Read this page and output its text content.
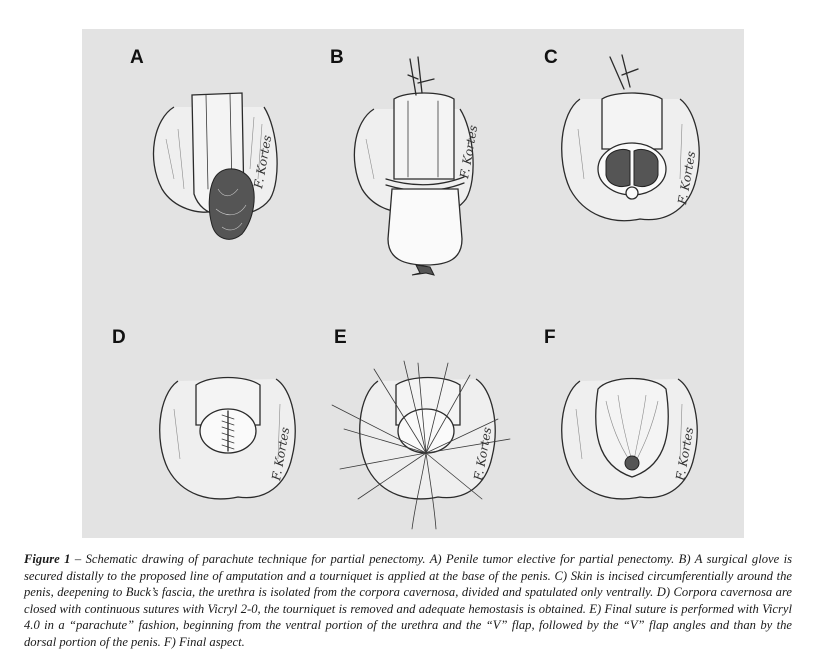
A
F. Kortes
B
F. Kortes
C
F. Kortes
D
F. Kortes
E
F. Kortes
F
F. Kortes

Figure 1 – Schematic drawing of parachute technique for partial penectomy. A) Penile tumor elective for partial penectomy. B) A surgical glove is secured distally to the proposed line of amputation and a tourniquet is applied at the base of the penis. C) Skin is incised circumferentially around the penis, deepening to Buck’s fascia, the urethra is isolated from the corpora cavernosa, divided and spatulated only ventrally. D) Corpora cavernosa are closed with continuous sutures with Vicryl 2-0, the tourniquet is removed and adequate hemostasis is obtained. E) Final suture is performed with Vicryl 4.0 in a “parachute” fashion, beginning from the ventral portion of the urethra and the “V” flap, followed by the “V” flap angles and than by the dorsal portion of the penis. F) Final aspect.
